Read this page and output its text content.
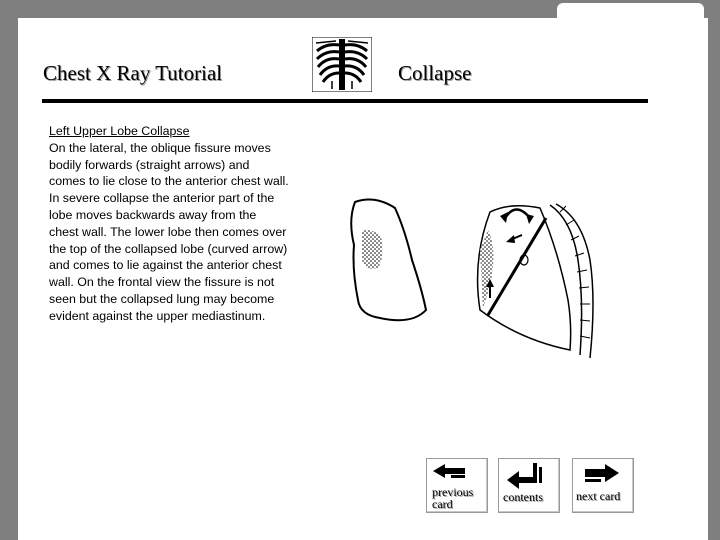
Chest X Ray Tutorial	Collapse
Left Upper Lobe Collapse
On the lateral, the oblique fissure moves bodily forwards (straight arrows) and comes to lie close to the anterior chest wall. In severe collapse the anterior part of the lobe moves backwards away from the chest wall. The lower lobe then comes over the top of the collapsed lobe (curved arrow) and comes to lie against the anterior chest wall. On the frontal view the fissure is not seen but the collapsed lung may become evident against the upper mediastinum.
previous
card	contents	next card
